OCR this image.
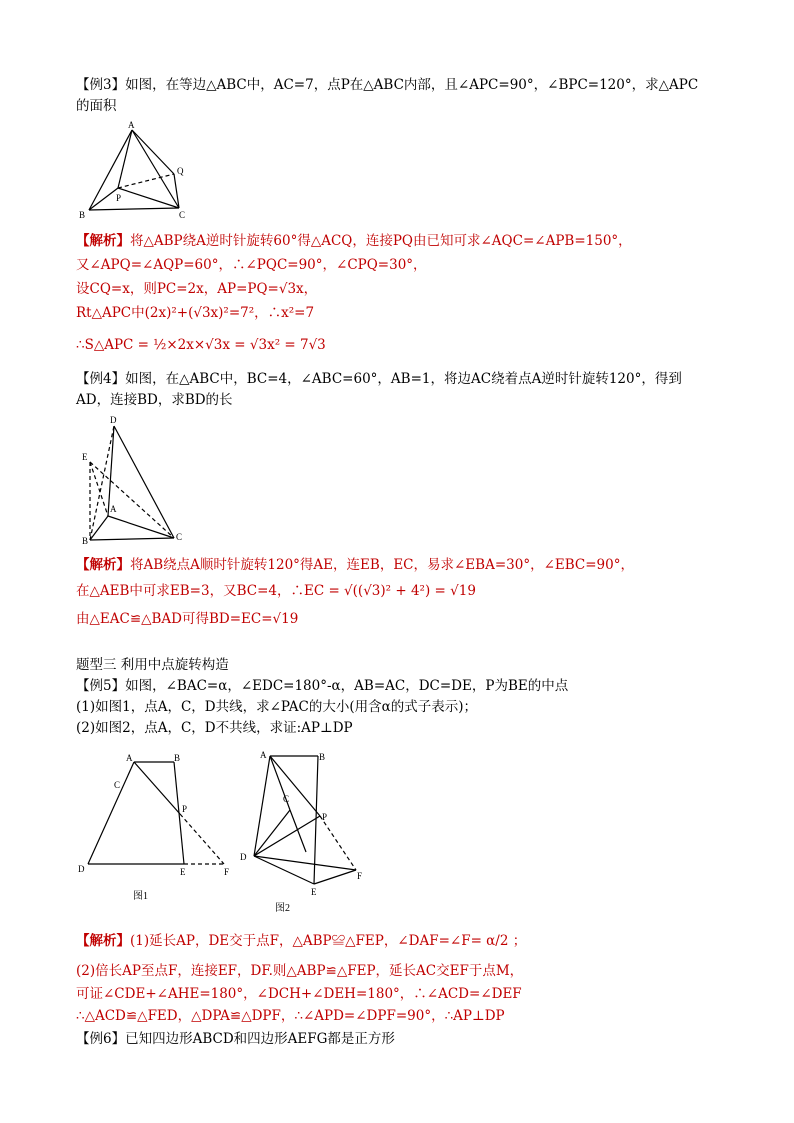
【例3】如图，在等边△ABC中，AC=7，点P在△ABC内部，且∠APC=90°，∠BPC=120°，求△APC
的面积
A
B	C
P
Q
【解析】将△ABP绕A逆时针旋转60°得△ACQ，连接PQ由已知可求∠AQC=∠APB=150°，
又∠APQ=∠AQP=60°，∴∠PQC=90°，∠CPQ=30°，
设CQ=x，则PC=2x，AP=PQ=√3x，
Rt△APC中(2x)²+(√3x)²=7²，∴x²=7
∴S△APC = ½×2x×√3x = √3x² = 7√3
【例4】如图，在△ABC中，BC=4，∠ABC=60°，AB=1，将边AC绕着点A逆时针旋转120°，得到
AD，连接BD，求BD的长
D
E
A
B	C
【解析】将AB绕点A顺时针旋转120°得AE，连EB，EC，易求∠EBA=30°，∠EBC=90°，
在△AEB中可求EB=3，又BC=4，∴EC = √((√3)² + 4²) = √19
由△EAC≌△BAD可得BD=EC=√19
题型三 利用中点旋转构造
【例5】如图，∠BAC=α，∠EDC=180°-α，AB=AC，DC=DE，P为BE的中点
(1)如图1，点A，C，D共线，求∠PAC的大小(用含α的式子表示)；
(2)如图2，点A，C，D不共线，求证:AP⊥DP
A	B
C
P
D	E	F
图1
A	B
C
P
D
E
F
图2
【解析】(1)延长AP，DE交于点F，△ABP≌△FEP，∠DAF=∠F= α/2 ；
(2)倍长AP至点F，连接EF，DF.则△ABP≌△FEP，延长AC交EF于点M，
可证∠CDE+∠AHE=180°，∠DCH+∠DEH=180°，∴∠ACD=∠DEF
∴△ACD≌△FED，△DPA≌△DPF，∴∠APD=∠DPF=90°，∴AP⊥DP
【例6】已知四边形ABCD和四边形AEFG都是正方形
